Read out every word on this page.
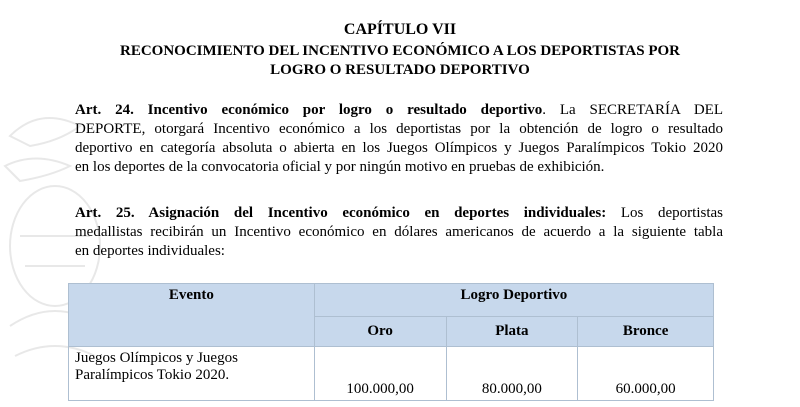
CAPÍTULO VII
RECONOCIMIENTO DEL INCENTIVO ECONÓMICO A LOS DEPORTISTAS POR
LOGRO O RESULTADO DEPORTIVO
Art. 24. Incentivo económico por logro o resultado deportivo. La SECRETARÍA DEL
DEPORTE, otorgará Incentivo económico a los deportistas por la obtención de logro o resultado
deportivo en categoría absoluta o abierta en los Juegos Olímpicos y Juegos Paralímpicos Tokio 2020
en los deportes de la convocatoria oficial y por ningún motivo en pruebas de exhibición.
Art. 25. Asignación del Incentivo económico en deportes individuales: Los deportistas
medallistas recibirán un Incentivo económico en dólares americanos de acuerdo a la siguiente tabla
en deportes individuales:
Evento	Logro Deportivo		
	Oro	Plata	Bronce

Juegos Olímpicos y Juegos
Paralímpicos Tokio 2020.	100.000,00	80.000,00	60.000,00
